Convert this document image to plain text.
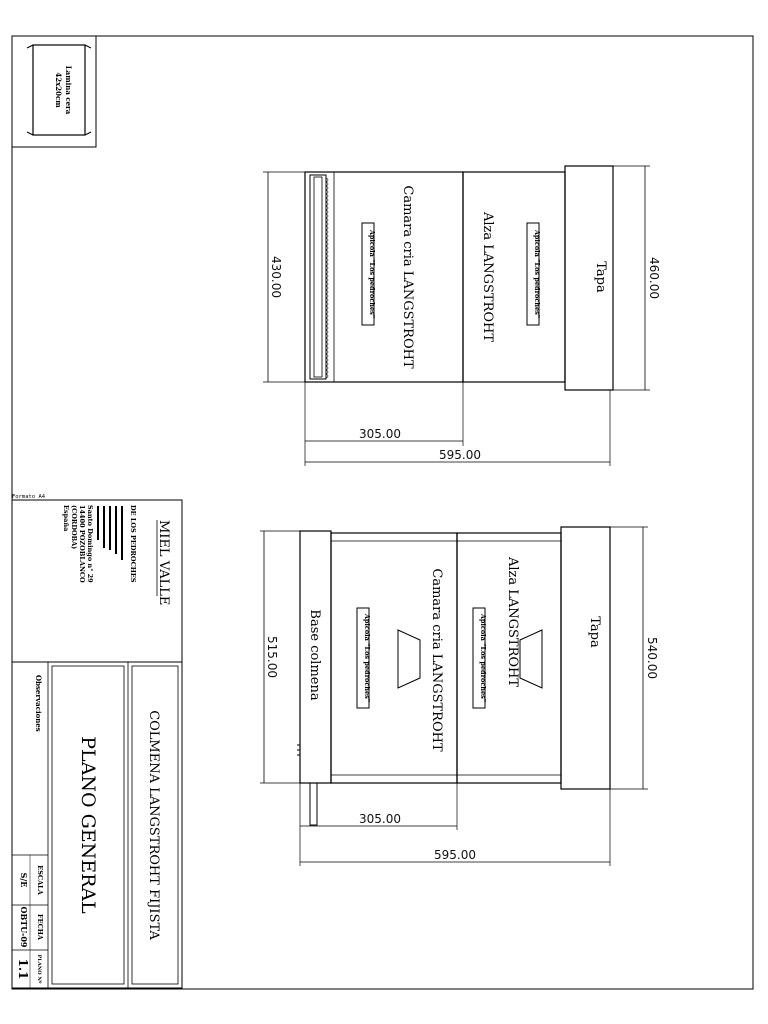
Lamina cera
42x20cm
Camara cria LANGSTROHT	Alza LANGSTROHT	Tapa
Apicola "Los pedroches"	Apicola "Los pedroches"
430.00	460.00
305.00
595.00
Base colmena	Camara cria LANGSTROHT	Alza LANGSTROHT	Tapa
Apicola "Los pedroches"	Apicola "Los pedroches"
515.00	540.00
305.00
595.00
Formato A4
MIEL VALLE
DE LOS PEDROCHES
Santo Domingo n° 29
14400 POZOBLANCO
(CORDOBA)
España
Observaciones
COLMENA LANGSTROHT FIJISTA
PLANO GENERAL
ESCALA
S/E
FECHA
OBTU-09
PLANO Nº
1.1
